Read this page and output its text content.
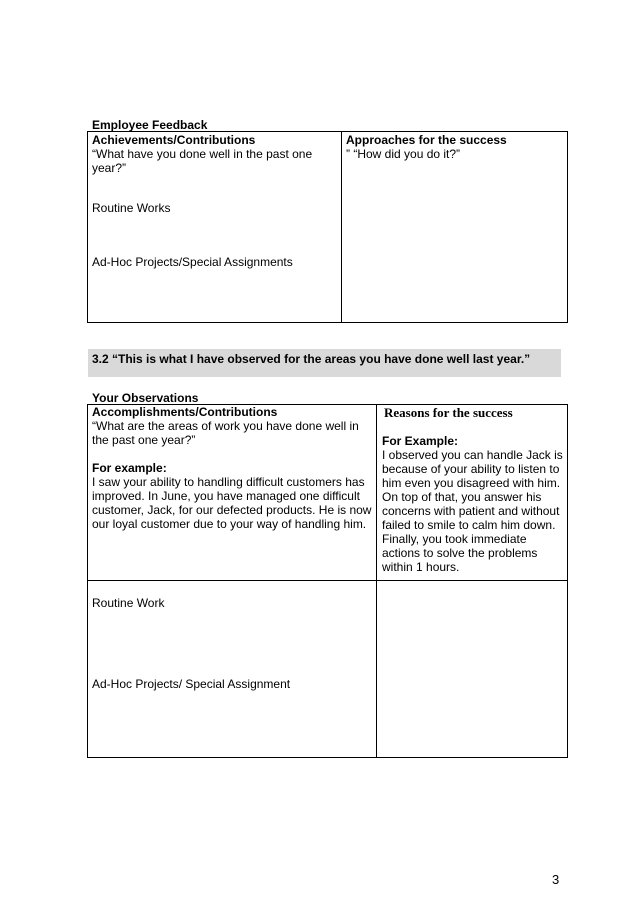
Employee Feedback
Achievements/Contributions
“What have you done well in the past one
year?”
Routine Works
Ad-Hoc Projects/Special Assignments
Approaches for the success
” “How did you do it?”
3.2 “This is what I have observed for the areas you have done well last year.”
Your Observations
Accomplishments/Contributions
“What are the areas of work you have done well in
the past one year?”
For example:
I saw your ability to handling difficult customers has
improved. In June, you have managed one difficult
customer, Jack, for our defected products. He is now
our loyal customer due to your way of handling him.
Reasons for the success
For Example:
I observed you can handle Jack is
because of your ability to listen to
him even you disagreed with him.
On top of that, you answer his
concerns with patient and without
failed to smile to calm him down.
Finally, you took immediate
actions to solve the problems
within 1 hours.
Routine Work
Ad-Hoc Projects/ Special Assignment
3
